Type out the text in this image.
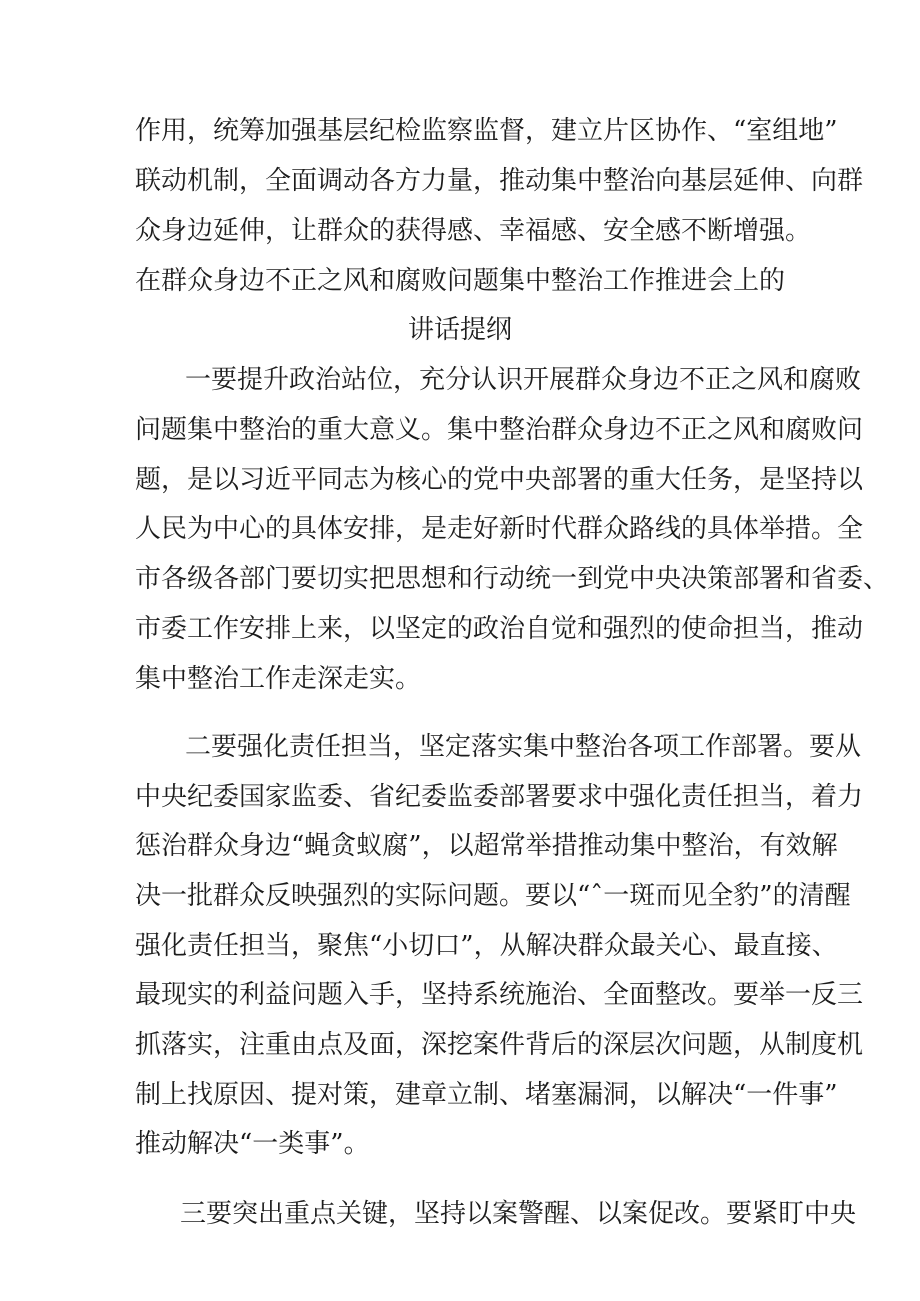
作用，统筹加强基层纪检监察监督，建立片区协作、“室组地”

联动机制，全面调动各方力量，推动集中整治向基层延伸、向群

众身边延伸，让群众的获得感、幸福感、安全感不断增强。

在群众身边不正之风和腐败问题集中整治工作推进会上的

讲话提纲

一要提升政治站位，充分认识开展群众身边不正之风和腐败

问题集中整治的重大意义。集中整治群众身边不正之风和腐败问

题，是以习近平同志为核心的党中央部署的重大任务，是坚持以

人民为中心的具体安排，是走好新时代群众路线的具体举措。全

市各级各部门要切实把思想和行动统一到党中央决策部署和省委、

市委工作安排上来，以坚定的政治自觉和强烈的使命担当，推动

集中整治工作走深走实。

二要强化责任担当，坚定落实集中整治各项工作部署。要从

中央纪委国家监委、省纪委监委部署要求中强化责任担当，着力

惩治群众身边“蝇贪蚁腐”，以超常举措推动集中整治，有效解

决一批群众反映强烈的实际问题。要以“ˆ一斑而见全豹”的清醒

强化责任担当，聚焦“小切口”，从解决群众最关心、最直接、

最现实的利益问题入手，坚持系统施治、全面整改。要举一反三

抓落实，注重由点及面，深挖案件背后的深层次问题，从制度机

制上找原因、提对策，建章立制、堵塞漏洞，以解决“一件事”

推动解决“一类事”。

三要突出重点关键，坚持以案警醒、以案促改。要紧盯中央
